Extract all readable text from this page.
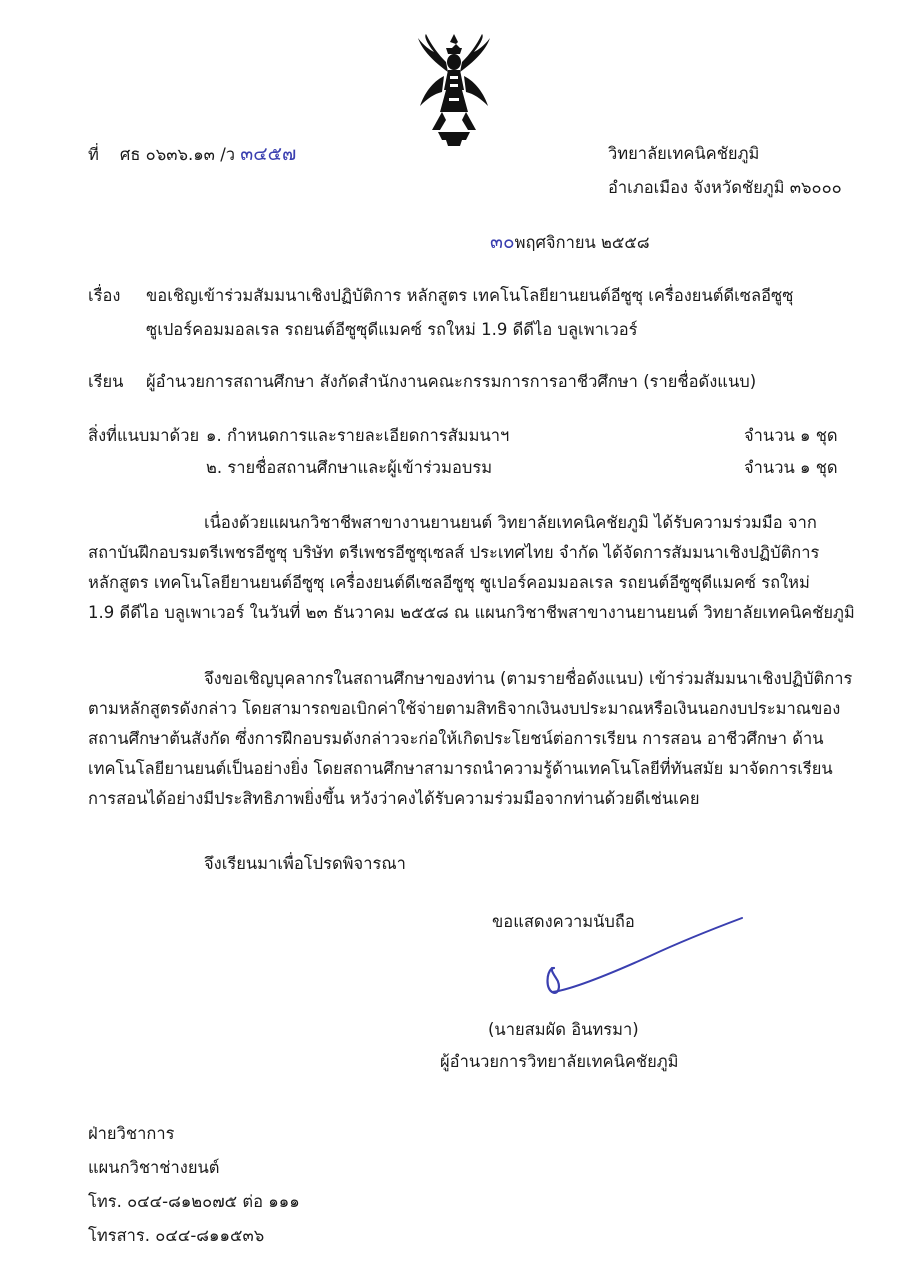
ที่ ศธ ๐๖๓๖.๑๓ /ว ๓๔๕๗	วิทยาลัยเทคนิคชัยภูมิ
อำเภอเมือง จังหวัดชัยภูมิ ๓๖๐๐๐
๓๐พฤศจิกายน ๒๕๕๘
เรื่อง ขอเชิญเข้าร่วมสัมมนาเชิงปฏิบัติการ หลักสูตร เทคโนโลยียานยนต์อีซูซุ เครื่องยนต์ดีเซลอีซูซุ
ซูเปอร์คอมมอลเรล รถยนต์อีซูซุดีแมคซ์ รถใหม่ 1.9 ดีดีไอ บลูเพาเวอร์
เรียน ผู้อำนวยการสถานศึกษา สังกัดสำนักงานคณะกรรมการการอาชีวศึกษา (รายชื่อดังแนบ)
สิ่งที่แนบมาด้วย ๑. กำหนดการและรายละเอียดการสัมมนาฯ	จำนวน ๑ ชุด
๒. รายชื่อสถานศึกษาและผู้เข้าร่วมอบรม	จำนวน ๑ ชุด
เนื่องด้วยแผนกวิชาชีพสาขางานยานยนต์ วิทยาลัยเทคนิคชัยภูมิ ได้รับความร่วมมือ จาก
สถาบันฝึกอบรมตรีเพชรอีซูซุ บริษัท ตรีเพชรอีซูซุเซลส์ ประเทศไทย จำกัด ได้จัดการสัมมนาเชิงปฏิบัติการ
หลักสูตร เทคโนโลยียานยนต์อีซูซุ เครื่องยนต์ดีเซลอีซูซุ ซูเปอร์คอมมอลเรล รถยนต์อีซูซุดีแมคซ์ รถใหม่
1.9 ดีดีไอ บลูเพาเวอร์ ในวันที่ ๒๓ ธันวาคม ๒๕๕๘ ณ แผนกวิชาชีพสาขางานยานยนต์ วิทยาลัยเทคนิคชัยภูมิ
จึงขอเชิญบุคลากรในสถานศึกษาของท่าน (ตามรายชื่อดังแนบ) เข้าร่วมสัมมนาเชิงปฏิบัติการ
ตามหลักสูตรดังกล่าว โดยสามารถขอเบิกค่าใช้จ่ายตามสิทธิจากเงินงบประมาณหรือเงินนอกงบประมาณของ
สถานศึกษาต้นสังกัด ซึ่งการฝึกอบรมดังกล่าวจะก่อให้เกิดประโยชน์ต่อการเรียน การสอน อาชีวศึกษา ด้าน
เทคโนโลยียานยนต์เป็นอย่างยิ่ง โดยสถานศึกษาสามารถนำความรู้ด้านเทคโนโลยีที่ทันสมัย มาจัดการเรียน
การสอนได้อย่างมีประสิทธิภาพยิ่งขึ้น หวังว่าคงได้รับความร่วมมือจากท่านด้วยดีเช่นเคย
จึงเรียนมาเพื่อโปรดพิจารณา
ขอแสดงความนับถือ
(นายสมผัด อินทรมา)
ผู้อำนวยการวิทยาลัยเทคนิคชัยภูมิ
ฝ่ายวิชาการ
แผนกวิชาช่างยนต์
โทร. ๐๔๔-๘๑๒๐๗๕ ต่อ ๑๑๑
โทรสาร. ๐๔๔-๘๑๑๕๓๖
